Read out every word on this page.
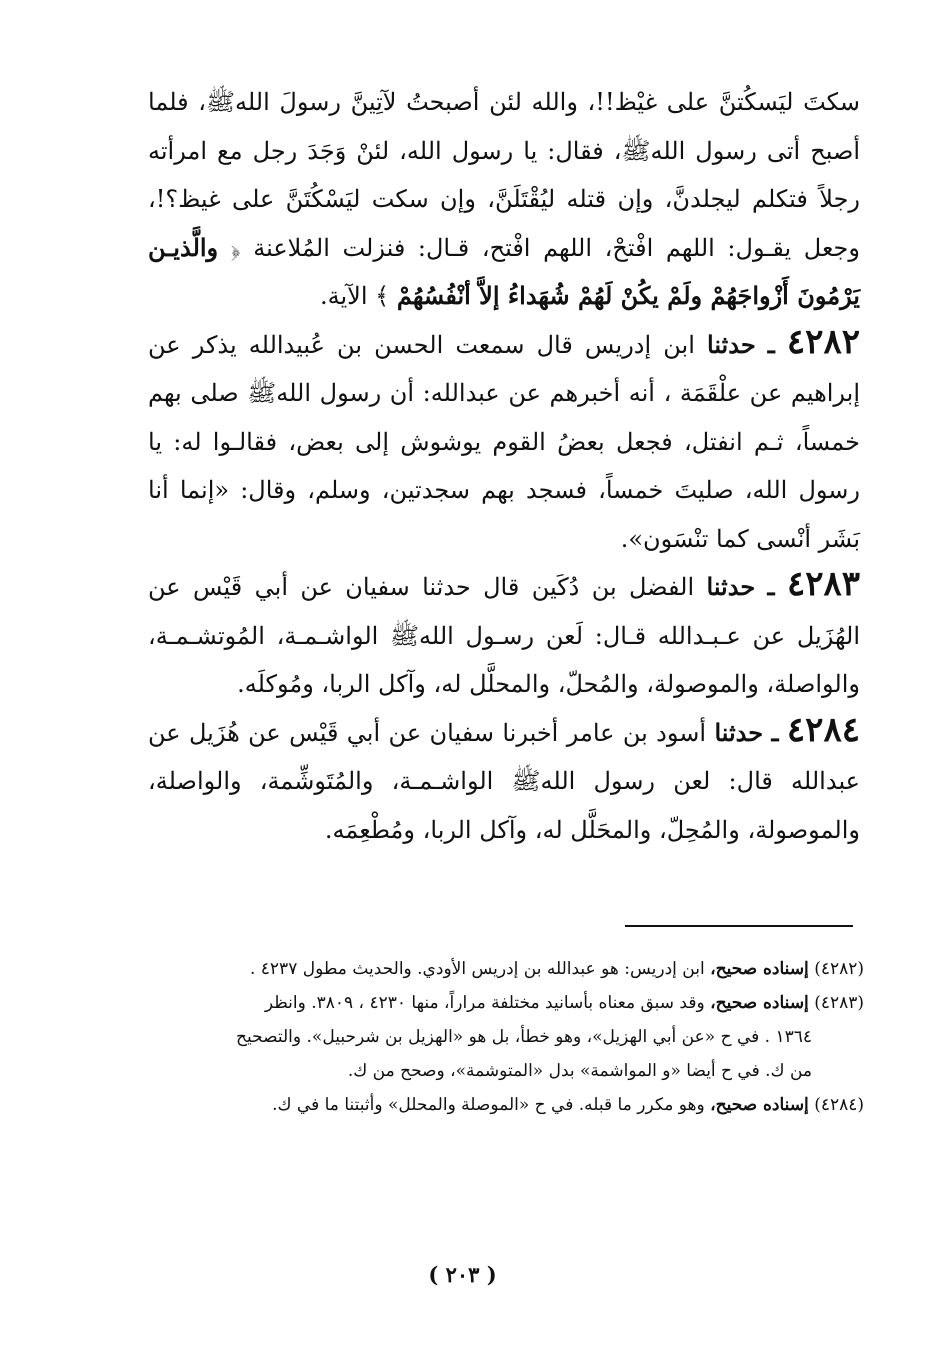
سكتَ ليَسكُتنَّ على غيْظ!!، والله لئن أصبحتُ لآتِينَّ رسولَ اللهﷺ، فلما أصبح أتى رسول اللهﷺ، فقال: يا رسول الله، لئنْ وَجَدَ رجل مع امرأته رجلاً فتكلم ليجلدنَّ، وإن قتله ليُقْتَلَنَّ، وإن سكت ليَسْكُتَنَّ على غيظ؟!، وجعل يقـول: اللهم افْتحْ، اللهم افْتح، قـال: فنزلت المُلاعنة ﴿ والَّذيـن يَرْمُونَ أَزْواجَهُمْ ولَمْ يكُنْ لَهُمْ شُهَداءُ إلاَّ أنْفُسُهُمْ ﴾ الآية.

٤٢٨٢ ـ حدثنا ابن إدريس قال سمعت الحسن بن عُبيدالله يذكر عن إبراهيم عن علْقَمَة ، أنه أخبرهم عن عبدالله: أن رسول اللهﷺ صلى بهم خمساً، ثـم انفتل، فجعل بعضُ القوم يوشوش إلى بعض، فقالـوا له: يا رسول الله، صليتَ خمساً، فسجد بهم سجدتين، وسلم، وقال: «إنما أنا بَشَر أنْسى كما تنْسَون».

٤٢٨٣ ـ حدثنا الفضل بن دُكَين قال حدثنا سفيان عن أبي قَيْس عن الهُزَيل عن عـبـدالله قـال: لَعن رسـول اللهﷺ الواشـمـة، المُوتشـمـة، والواصلة، والموصولة، والمُحلّ، والمحلَّل له، وآكل الربا، ومُوكلَه.

٤٢٨٤ ـ حدثنا أسود بن عامر أخبرنا سفيان عن أبي قَيْس عن هُزَيل عن عبدالله قال: لعن رسول اللهﷺ الواشـمـة، والمُتَوشِّمة، والواصلة، والموصولة، والمُحِلّ، والمحَلَّل له، وآكل الربا، ومُطْعِمَه.

(٤٢٨٢) إسناده صحيح، ابن إدريس: هو عبدالله بن إدريس الأودي. والحديث مطول ٤٢٣٧ .

(٤٢٨٣) إسناده صحيح، وقد سبق معناه بأسانيد مختلفة مراراً، منها ٤٢٣٠ ، ٣٨٠٩. وانظر

١٣٦٤ . في ح «عن أبي الهزيل»، وهو خطأ، بل هو «الهزيل بن شرحبيل». والتصحيح

من ك. في ح أيضا «و المواشمة» بدل «المتوشمة»، وصحح من ك.

(٤٢٨٤) إسناده صحيح، وهو مكرر ما قبله. في ح «الموصلة والمحلل» وأثبتنا ما في ك.

( ٢٠٣ )
